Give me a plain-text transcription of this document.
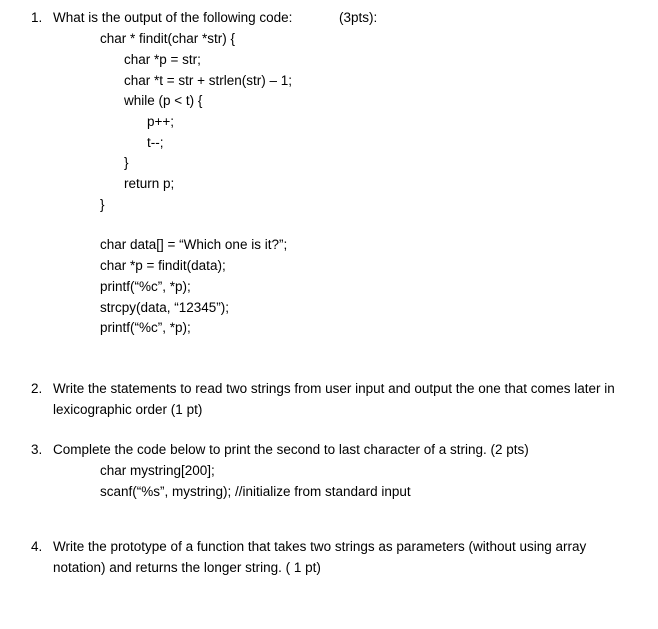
1. What is the output of the following code:	(3pts):
char * findit(char *str) {
char *p = str;
char *t = str + strlen(str) – 1;
while (p < t) {
p++;
t--;
}
return p;
}
char data[] = “Which one is it?”;
char *p = findit(data);
printf(“%c”, *p);
strcpy(data, “12345”);
printf(“%c”, *p);
2. Write the statements to read two strings from user input and output the one that comes later in
lexicographic order (1 pt)
3. Complete the code below to print the second to last character of a string. (2 pts)
char mystring[200];
scanf(“%s”, mystring); //initialize from standard input
4. Write the prototype of a function that takes two strings as parameters (without using array
notation) and returns the longer string. ( 1 pt)
